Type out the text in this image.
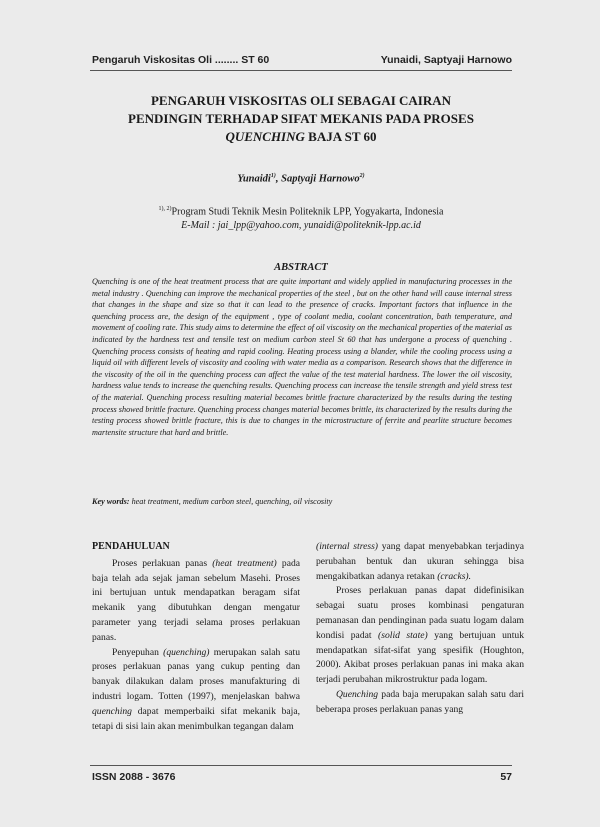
Pengaruh Viskositas Oli ........ ST 60	Yunaidi, Saptyaji Harnowo
PENGARUH VISKOSITAS OLI SEBAGAI CAIRAN
PENDINGIN TERHADAP SIFAT MEKANIS PADA PROSES
QUENCHING BAJA ST 60
Yunaidi$^{1)}$, Saptyaji Harnowo$^{2)}$
$^{1), 2)}$Program Studi Teknik Mesin Politeknik LPP, Yogyakarta, Indonesia
E-Mail : jai_lpp@yahoo.com, yunaidi@politeknik-lpp.ac.id
ABSTRACT
Quenching is one of the heat treatment process that are quite important and widely applied in manufacturing processes in the metal industry . Quenching can improve the mechanical properties of the steel , but on the other hand will cause internal stress that changes in the shape and size so that it can lead to the presence of cracks. Important factors that influence in the quenching process are, the design of the equipment , type of coolant media, coolant concentration, bath temperature, and movement of cooling rate. This study aims to determine the effect of oil viscosity on the mechanical properties of the material as indicated by the hardness test and tensile test on medium carbon steel St 60 that has undergone a process of quenching . Quenching process consists of heating and rapid cooling. Heating process using a blander, while the cooling process using a liquid oil with different levels of viscosity and cooling with water media as a comparison. Research shows that the difference in the viscosity of the oil in the quenching process can affect the value of the test material hardness. The lower the oil viscosity, hardness value tends to increase the quenching results. Quenching process can increase the tensile strength and yield stress test of the material. Quenching process resulting material becomes brittle fracture characterized by the results during the testing process showed brittle fracture. Quenching process changes material becomes brittle, its characterized by the results during the testing process showed brittle fracture, this is due to changes in the microstructure of ferrite and pearlite structure becomes martensite structure that hard and brittle.
Key words: heat treatment, medium carbon steel, quenching, oil viscosity
PENDAHULUAN

Proses perlakuan panas (heat treatment) pada baja telah ada sejak jaman sebelum Masehi. Proses ini bertujuan untuk mendapatkan beragam sifat mekanik yang dibutuhkan dengan mengatur parameter yang terjadi selama proses perlakuan panas.

Penyepuhan (quenching) merupakan salah satu proses perlakuan panas yang cukup penting dan banyak dilakukan dalam proses manufakturing di industri logam. Totten (1997), menjelaskan bahwa quenching dapat memperbaiki sifat mekanik baja, tetapi di sisi lain akan menimbulkan tegangan dalam

(internal stress) yang dapat menyebabkan terjadinya perubahan bentuk dan ukuran sehingga bisa mengakibatkan adanya retakan (cracks).

Proses perlakuan panas dapat didefinisikan sebagai suatu proses kombinasi pengaturan pemanasan dan pendinginan pada suatu logam dalam kondisi padat (solid state) yang bertujuan untuk mendapatkan sifat-sifat yang spesifik (Houghton, 2000). Akibat proses perlakuan panas ini maka akan terjadi perubahan mikrostruktur pada logam.

Quenching pada baja merupakan salah satu dari beberapa proses perlakuan panas yang

ISSN 2088 - 3676	57
